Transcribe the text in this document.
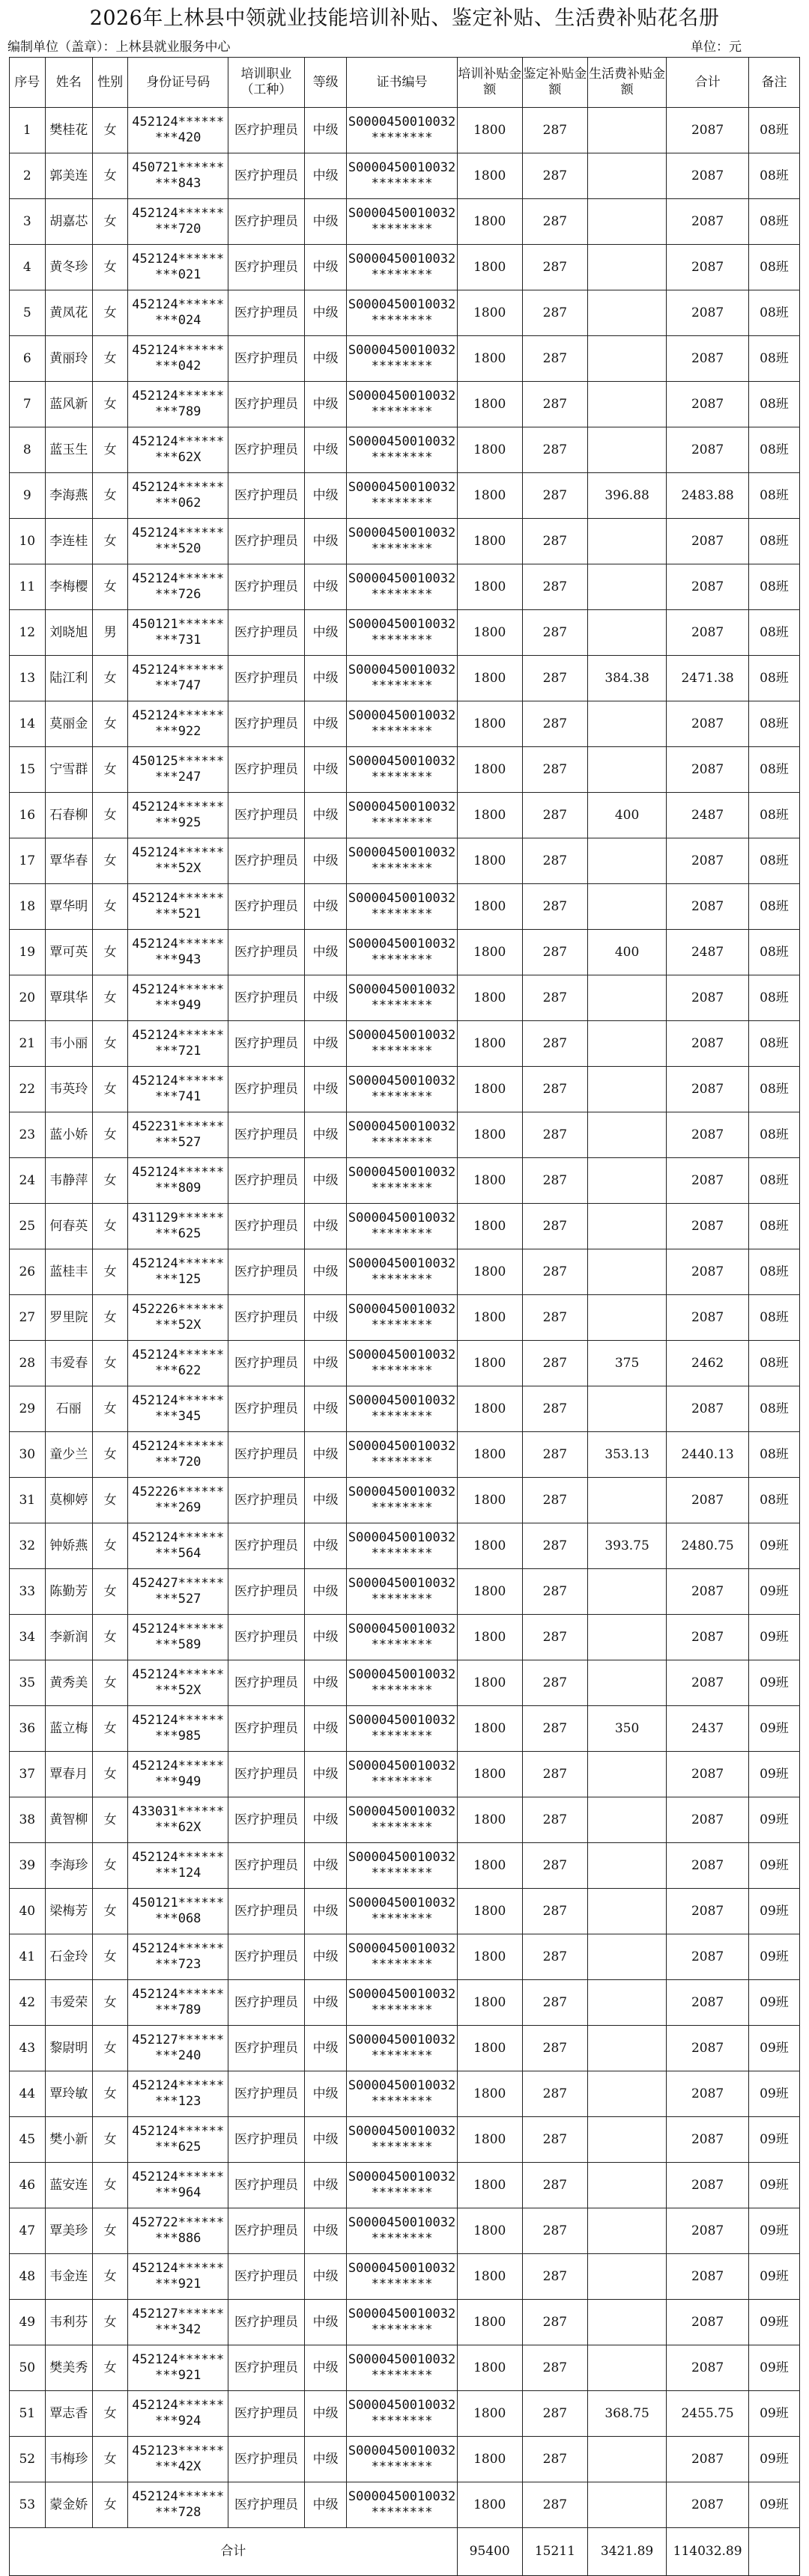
2026年上林县中领就业技能培训补贴、鉴定补贴、生活费补贴花名册
编制单位（盖章）：上林县就业服务中心	单位：元
序号	姓名	性别	身份证号码	培训职业（工种）	等级	证书编号	培训补贴金额	鉴定补贴金额	生活费补贴金额	合计	备注
1	樊桂花	女	452124*********420	医疗护理员	中级	S0000450010032********	1800	287		2087	08班
2	郭美连	女	450721*********843	医疗护理员	中级	S0000450010032********	1800	287		2087	08班
3	胡嘉芯	女	452124*********720	医疗护理员	中级	S0000450010032********	1800	287		2087	08班
4	黄冬珍	女	452124*********021	医疗护理员	中级	S0000450010032********	1800	287		2087	08班
5	黄凤花	女	452124*********024	医疗护理员	中级	S0000450010032********	1800	287		2087	08班
6	黄丽玲	女	452124*********042	医疗护理员	中级	S0000450010032********	1800	287		2087	08班
7	蓝风新	女	452124*********789	医疗护理员	中级	S0000450010032********	1800	287		2087	08班
8	蓝玉生	女	452124*********62X	医疗护理员	中级	S0000450010032********	1800	287		2087	08班
9	李海燕	女	452124*********062	医疗护理员	中级	S0000450010032********	1800	287	396.88	2483.88	08班
10	李连桂	女	452124*********520	医疗护理员	中级	S0000450010032********	1800	287		2087	08班
11	李梅樱	女	452124*********726	医疗护理员	中级	S0000450010032********	1800	287		2087	08班
12	刘晓旭	男	450121*********731	医疗护理员	中级	S0000450010032********	1800	287		2087	08班
13	陆江利	女	452124*********747	医疗护理员	中级	S0000450010032********	1800	287	384.38	2471.38	08班
14	莫丽金	女	452124*********922	医疗护理员	中级	S0000450010032********	1800	287		2087	08班
15	宁雪群	女	450125*********247	医疗护理员	中级	S0000450010032********	1800	287		2087	08班
16	石春柳	女	452124*********925	医疗护理员	中级	S0000450010032********	1800	287	400	2487	08班
17	覃华春	女	452124*********52X	医疗护理员	中级	S0000450010032********	1800	287		2087	08班
18	覃华明	女	452124*********521	医疗护理员	中级	S0000450010032********	1800	287		2087	08班
19	覃可英	女	452124*********943	医疗护理员	中级	S0000450010032********	1800	287	400	2487	08班
20	覃琪华	女	452124*********949	医疗护理员	中级	S0000450010032********	1800	287		2087	08班
21	韦小丽	女	452124*********721	医疗护理员	中级	S0000450010032********	1800	287		2087	08班
22	韦英玲	女	452124*********741	医疗护理员	中级	S0000450010032********	1800	287		2087	08班
23	蓝小娇	女	452231*********527	医疗护理员	中级	S0000450010032********	1800	287		2087	08班
24	韦静萍	女	452124*********809	医疗护理员	中级	S0000450010032********	1800	287		2087	08班
25	何春英	女	431129*********625	医疗护理员	中级	S0000450010032********	1800	287		2087	08班
26	蓝桂丰	女	452124*********125	医疗护理员	中级	S0000450010032********	1800	287		2087	08班
27	罗里院	女	452226*********52X	医疗护理员	中级	S0000450010032********	1800	287		2087	08班
28	韦爱春	女	452124*********622	医疗护理员	中级	S0000450010032********	1800	287	375	2462	08班
29	石丽	女	452124*********345	医疗护理员	中级	S0000450010032********	1800	287		2087	08班
30	童少兰	女	452124*********720	医疗护理员	中级	S0000450010032********	1800	287	353.13	2440.13	08班
31	莫柳婷	女	452226*********269	医疗护理员	中级	S0000450010032********	1800	287		2087	08班
32	钟娇燕	女	452124*********564	医疗护理员	中级	S0000450010032********	1800	287	393.75	2480.75	09班
33	陈勤芳	女	452427*********527	医疗护理员	中级	S0000450010032********	1800	287		2087	09班
34	李新润	女	452124*********589	医疗护理员	中级	S0000450010032********	1800	287		2087	09班
35	黄秀美	女	452124*********52X	医疗护理员	中级	S0000450010032********	1800	287		2087	09班
36	蓝立梅	女	452124*********985	医疗护理员	中级	S0000450010032********	1800	287	350	2437	09班
37	覃春月	女	452124*********949	医疗护理员	中级	S0000450010032********	1800	287		2087	09班
38	黄智柳	女	433031*********62X	医疗护理员	中级	S0000450010032********	1800	287		2087	09班
39	李海珍	女	452124*********124	医疗护理员	中级	S0000450010032********	1800	287		2087	09班
40	梁梅芳	女	450121*********068	医疗护理员	中级	S0000450010032********	1800	287		2087	09班
41	石金玲	女	452124*********723	医疗护理员	中级	S0000450010032********	1800	287		2087	09班
42	韦爱荣	女	452124*********789	医疗护理员	中级	S0000450010032********	1800	287		2087	09班
43	黎尉明	女	452127*********240	医疗护理员	中级	S0000450010032********	1800	287		2087	09班
44	覃玲敏	女	452124*********123	医疗护理员	中级	S0000450010032********	1800	287		2087	09班
45	樊小新	女	452124*********625	医疗护理员	中级	S0000450010032********	1800	287		2087	09班
46	蓝安连	女	452124*********964	医疗护理员	中级	S0000450010032********	1800	287		2087	09班
47	覃美珍	女	452722*********886	医疗护理员	中级	S0000450010032********	1800	287		2087	09班
48	韦金连	女	452124*********921	医疗护理员	中级	S0000450010032********	1800	287		2087	09班
49	韦利芬	女	452127*********342	医疗护理员	中级	S0000450010032********	1800	287		2087	09班
50	樊美秀	女	452124*********921	医疗护理员	中级	S0000450010032********	1800	287		2087	09班
51	覃志香	女	452124*********924	医疗护理员	中级	S0000450010032********	1800	287	368.75	2455.75	09班
52	韦梅珍	女	452123*********42X	医疗护理员	中级	S0000450010032********	1800	287		2087	09班
53	蒙金娇	女	452124*********728	医疗护理员	中级	S0000450010032********	1800	287		2087	09班
合计							95400	15211	3421.89	114032.89	
